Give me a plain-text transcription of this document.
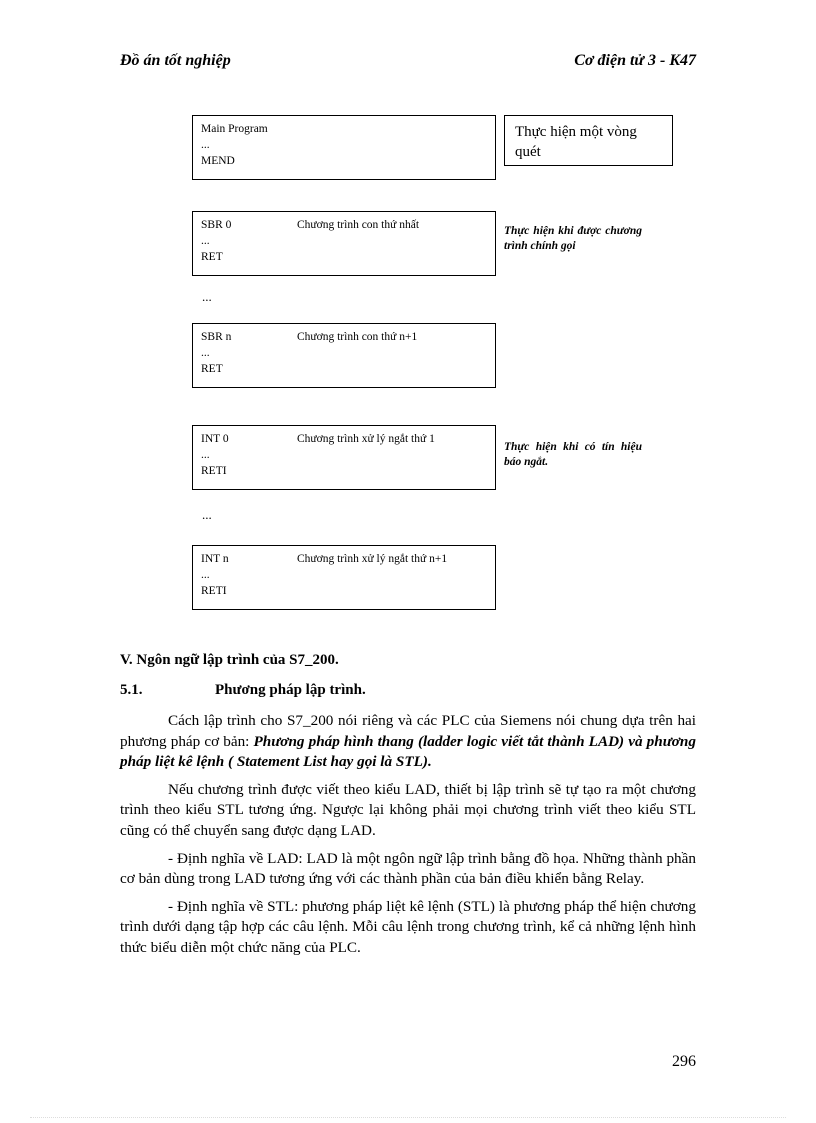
Đồ án tốt nghiệp	Cơ điện tử 3 - K47
Main Program
...
MEND
Thực hiện một vòng quét
SBR 0	Chương trình con thứ nhất
...
RET
Thực hiện khi được chương trình chính gọi
...
SBR n	Chương trình con thứ n+1
...
RET
INT 0	Chương trình xử lý ngắt thứ 1
...
RETI
Thực hiện khi có tín hiệu báo ngắt.
...
INT n	Chương trình xử lý ngắt thứ n+1
...
RETI
V. Ngôn ngữ lập trình của S7_200.
5.1.	Phương pháp lập trình.

Cách lập trình cho S7_200 nói riêng và các PLC của Siemens nói chung dựa trên hai phương pháp cơ bản: Phương pháp hình thang (ladder logic viết tắt thành LAD) và phương pháp liệt kê lệnh ( Statement List hay gọi là STL).

Nếu chương trình được viết theo kiểu LAD, thiết bị lập trình sẽ tự tạo ra một chương trình theo kiểu STL tương ứng. Ngược lại không phải mọi chương trình viết theo kiểu STL cũng có thể chuyển sang được dạng LAD.

- Định nghĩa về LAD: LAD là một ngôn ngữ lập trình bằng đồ họa. Những thành phần cơ bản dùng trong LAD tương ứng với các thành phần của bản điều khiển bằng Relay.

- Định nghĩa về STL: phương pháp liệt kê lệnh (STL) là phương pháp thể hiện chương trình dưới dạng tập hợp các câu lệnh. Mỗi câu lệnh trong chương trình, kể cả những lệnh hình thức biểu diễn một chức năng của PLC.

296
